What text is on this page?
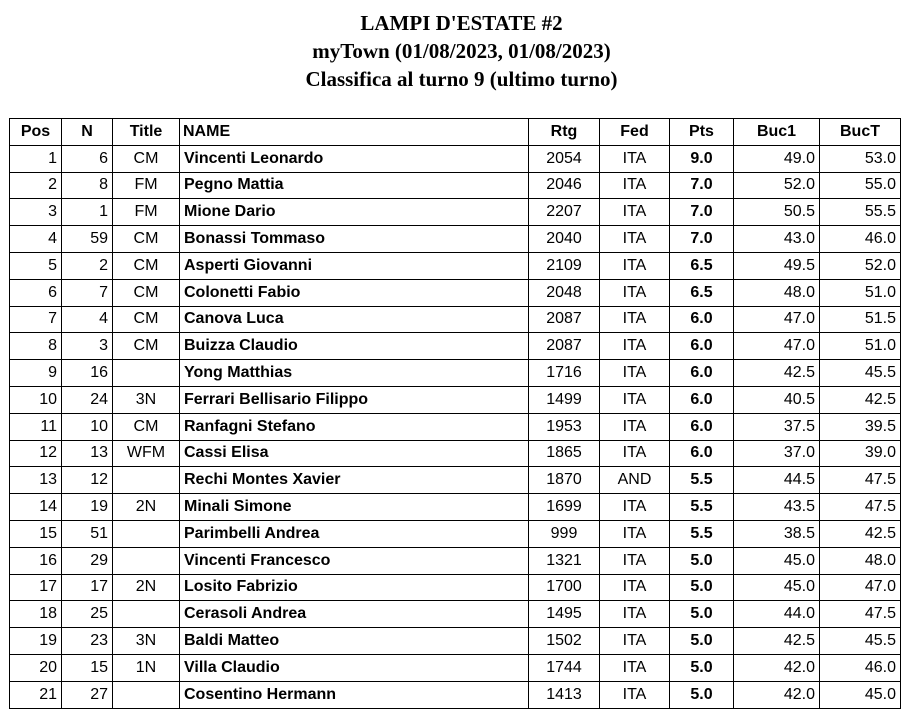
LAMPI D'ESTATE #2
myTown (01/08/2023, 01/08/2023)
Classifica al turno 9 (ultimo turno)
Pos	N	Title	NAME	Rtg	Fed	Pts	Buc1	BucT
1	6	CM	Vincenti Leonardo	2054	ITA	9.0	49.0	53.0
2	8	FM	Pegno Mattia	2046	ITA	7.0	52.0	55.0
3	1	FM	Mione Dario	2207	ITA	7.0	50.5	55.5
4	59	CM	Bonassi Tommaso	2040	ITA	7.0	43.0	46.0
5	2	CM	Asperti Giovanni	2109	ITA	6.5	49.5	52.0
6	7	CM	Colonetti Fabio	2048	ITA	6.5	48.0	51.0
7	4	CM	Canova Luca	2087	ITA	6.0	47.0	51.5
8	3	CM	Buizza Claudio	2087	ITA	6.0	47.0	51.0
9	16		Yong Matthias	1716	ITA	6.0	42.5	45.5
10	24	3N	Ferrari Bellisario Filippo	1499	ITA	6.0	40.5	42.5
11	10	CM	Ranfagni Stefano	1953	ITA	6.0	37.5	39.5
12	13	WFM	Cassi Elisa	1865	ITA	6.0	37.0	39.0
13	12		Rechi Montes Xavier	1870	AND	5.5	44.5	47.5
14	19	2N	Minali Simone	1699	ITA	5.5	43.5	47.5
15	51		Parimbelli Andrea	999	ITA	5.5	38.5	42.5
16	29		Vincenti Francesco	1321	ITA	5.0	45.0	48.0
17	17	2N	Losito Fabrizio	1700	ITA	5.0	45.0	47.0
18	25		Cerasoli Andrea	1495	ITA	5.0	44.0	47.5
19	23	3N	Baldi Matteo	1502	ITA	5.0	42.5	45.5
20	15	1N	Villa Claudio	1744	ITA	5.0	42.0	46.0
21	27		Cosentino Hermann	1413	ITA	5.0	42.0	45.0
